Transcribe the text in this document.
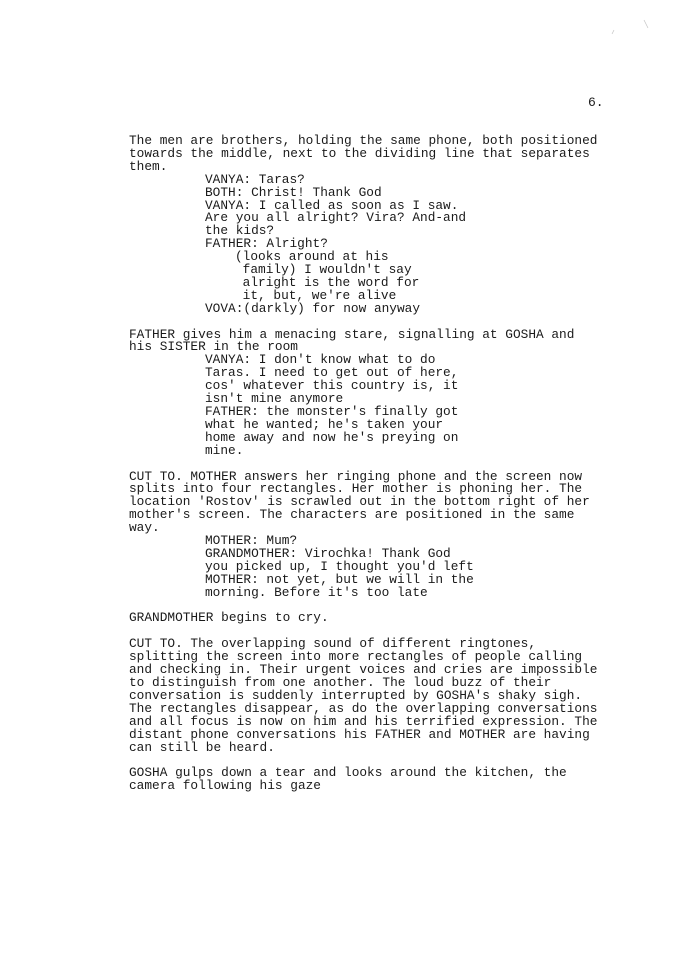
6.
The men are brothers, holding the same phone, both positioned
towards the middle, next to the dividing line that separates
them.
VANYA: Taras?
BOTH: Christ! Thank God
VANYA: I called as soon as I saw.
Are you all alright? Vira? And-and
the kids?
FATHER: Alright?
(looks around at his
family) I wouldn't say
alright is the word for
it, but, we're alive
VOVA:(darkly) for now anyway
FATHER gives him a menacing stare, signalling at GOSHA and
his SISTER in the room
VANYA: I don't know what to do
Taras. I need to get out of here,
cos' whatever this country is, it
isn't mine anymore
FATHER: the monster's finally got
what he wanted; he's taken your
home away and now he's preying on
mine.
CUT TO. MOTHER answers her ringing phone and the screen now
splits into four rectangles. Her mother is phoning her. The
location 'Rostov' is scrawled out in the bottom right of her
mother's screen. The characters are positioned in the same
way.
MOTHER: Mum?
GRANDMOTHER: Virochka! Thank God
you picked up, I thought you'd left
MOTHER: not yet, but we will in the
morning. Before it's too late
GRANDMOTHER begins to cry.
CUT TO. The overlapping sound of different ringtones,
splitting the screen into more rectangles of people calling
and checking in. Their urgent voices and cries are impossible
to distinguish from one another. The loud buzz of their
conversation is suddenly interrupted by GOSHA's shaky sigh.
The rectangles disappear, as do the overlapping conversations
and all focus is now on him and his terrified expression. The
distant phone conversations his FATHER and MOTHER are having
can still be heard.
GOSHA gulps down a tear and looks around the kitchen, the
camera following his gaze
